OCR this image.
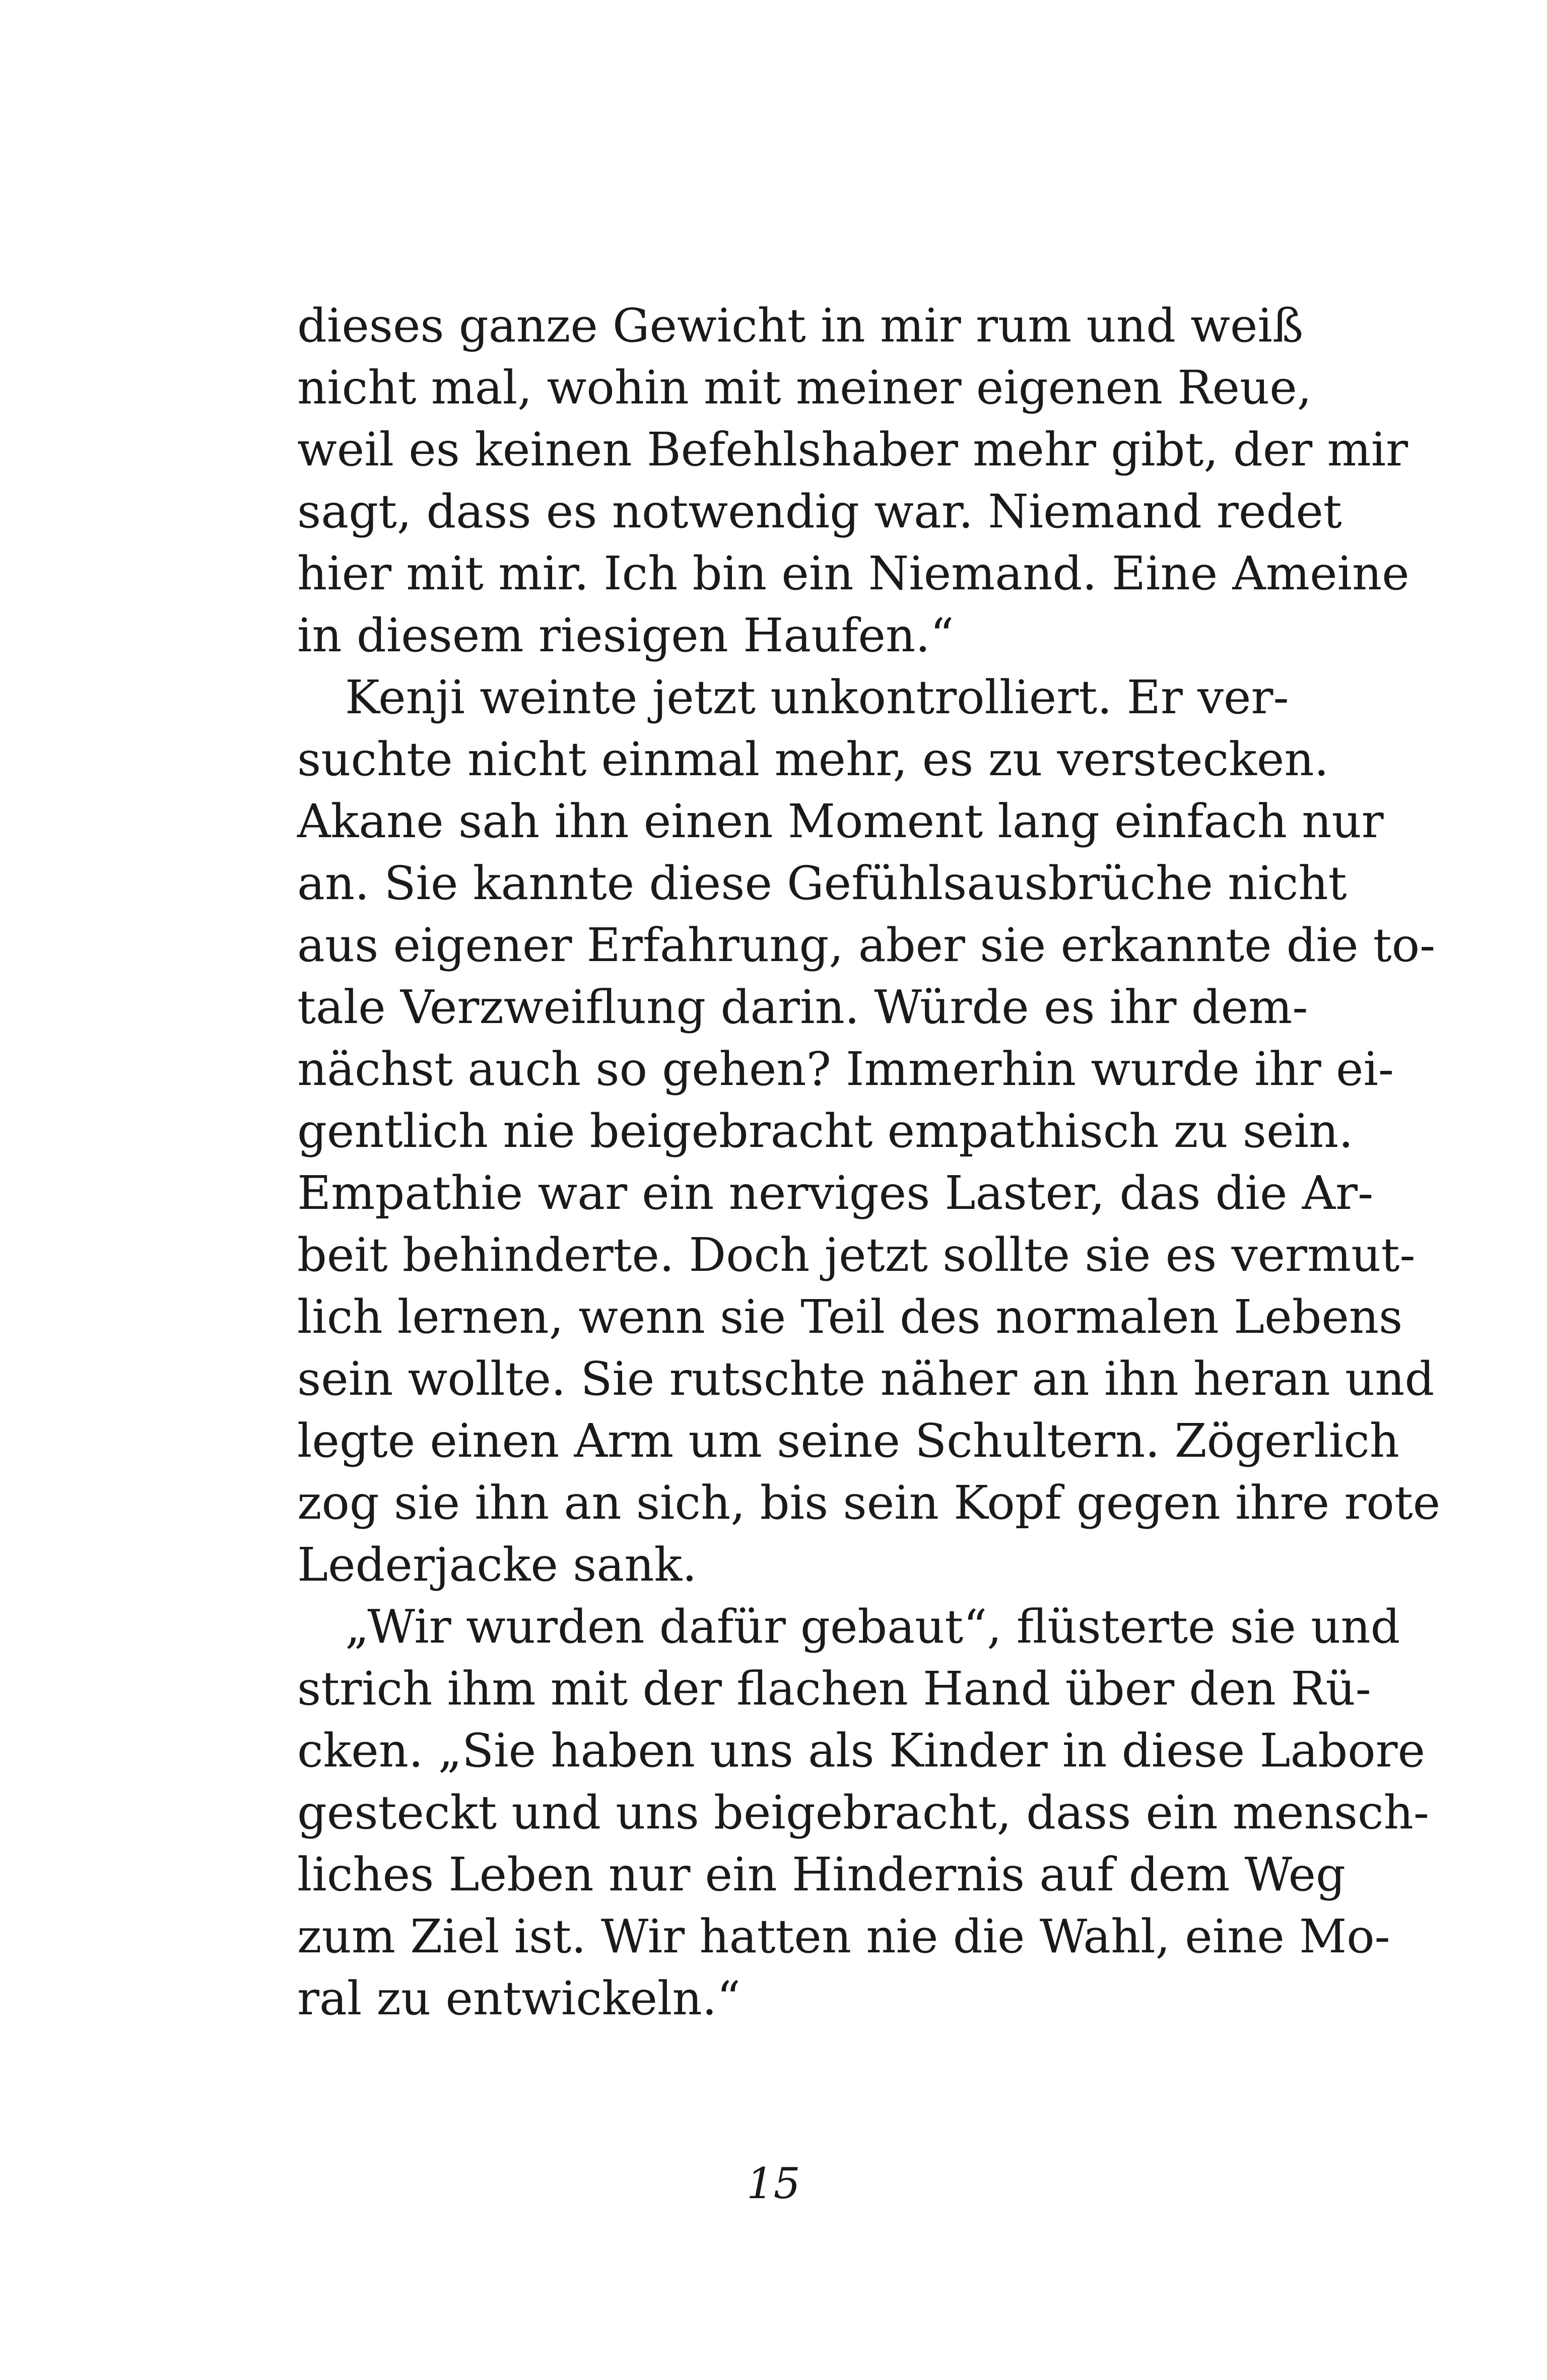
dieses ganze Gewicht in mir rum und weiß
nicht mal, wohin mit meiner eigenen Reue,
weil es keinen Befehlshaber mehr gibt, der mir
sagt, dass es notwendig war. Niemand redet
hier mit mir. Ich bin ein Niemand. Eine Ameine
in diesem riesigen Haufen.“
Kenji weinte jetzt unkontrolliert. Er ver-
suchte nicht einmal mehr, es zu verstecken.
Akane sah ihn einen Moment lang einfach nur
an. Sie kannte diese Gefühlsausbrüche nicht
aus eigener Erfahrung, aber sie erkannte die to-
tale Verzweiflung darin. Würde es ihr dem-
nächst auch so gehen? Immerhin wurde ihr ei-
gentlich nie beigebracht empathisch zu sein.
Empathie war ein nerviges Laster, das die Ar-
beit behinderte. Doch jetzt sollte sie es vermut-
lich lernen, wenn sie Teil des normalen Lebens
sein wollte. Sie rutschte näher an ihn heran und
legte einen Arm um seine Schultern. Zögerlich
zog sie ihn an sich, bis sein Kopf gegen ihre rote
Lederjacke sank.
„Wir wurden dafür gebaut“, flüsterte sie und
strich ihm mit der flachen Hand über den Rü-
cken. „Sie haben uns als Kinder in diese Labore
gesteckt und uns beigebracht, dass ein mensch-
liches Leben nur ein Hindernis auf dem Weg
zum Ziel ist. Wir hatten nie die Wahl, eine Mo-
ral zu entwickeln.“
15
